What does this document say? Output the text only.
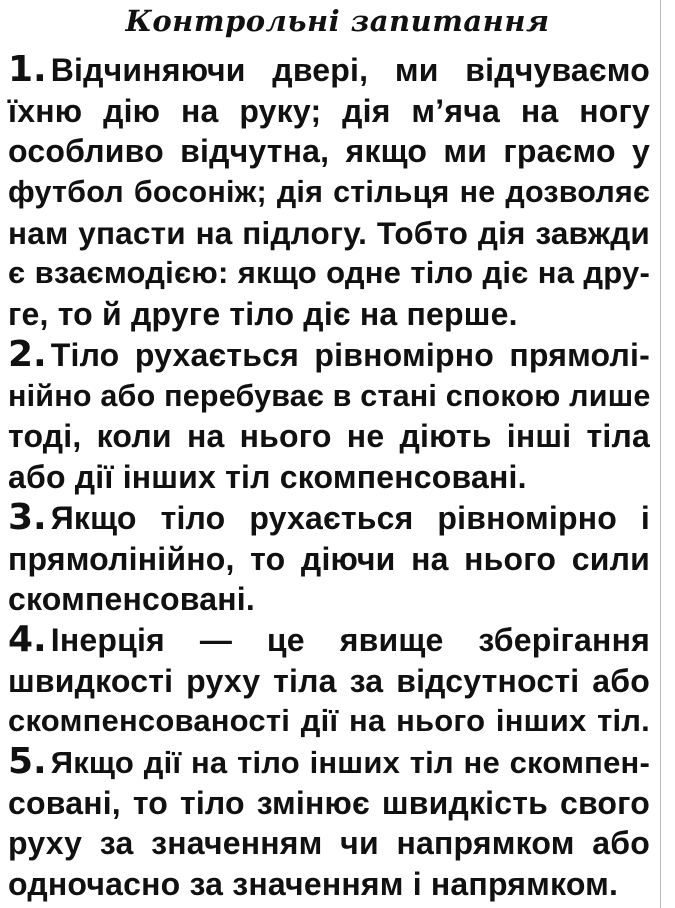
Контрольні запитання
1. Відчиняючи двері, ми відчуваємо
їхню дію на руку; дія м’яча на ногу
особливо відчутна, якщо ми граємо у
футбол босоніж; дія стільця не дозволяє
нам упасти на підлогу. Тобто дія завжди
є взаємодією: якщо одне тіло діє на дру-
ге, то й друге тіло діє на перше.
2. Тіло рухається рівномірно прямолі-
нійно або перебуває в стані спокою лише
тоді, коли на нього не діють інші тіла
або дії інших тіл скомпенсовані.
3. Якщо тіло рухається рівномірно і
прямолінійно, то діючи на нього сили
скомпенсовані.
4. Інерція — це явище зберігання
швидкості руху тіла за відсутності або
скомпенсованості дії на нього інших тіл.
5. Якщо дії на тіло інших тіл не скомпен-
совані, то тіло змінює швидкість свого
руху за значенням чи напрямком або
одночасно за значенням і напрямком.
